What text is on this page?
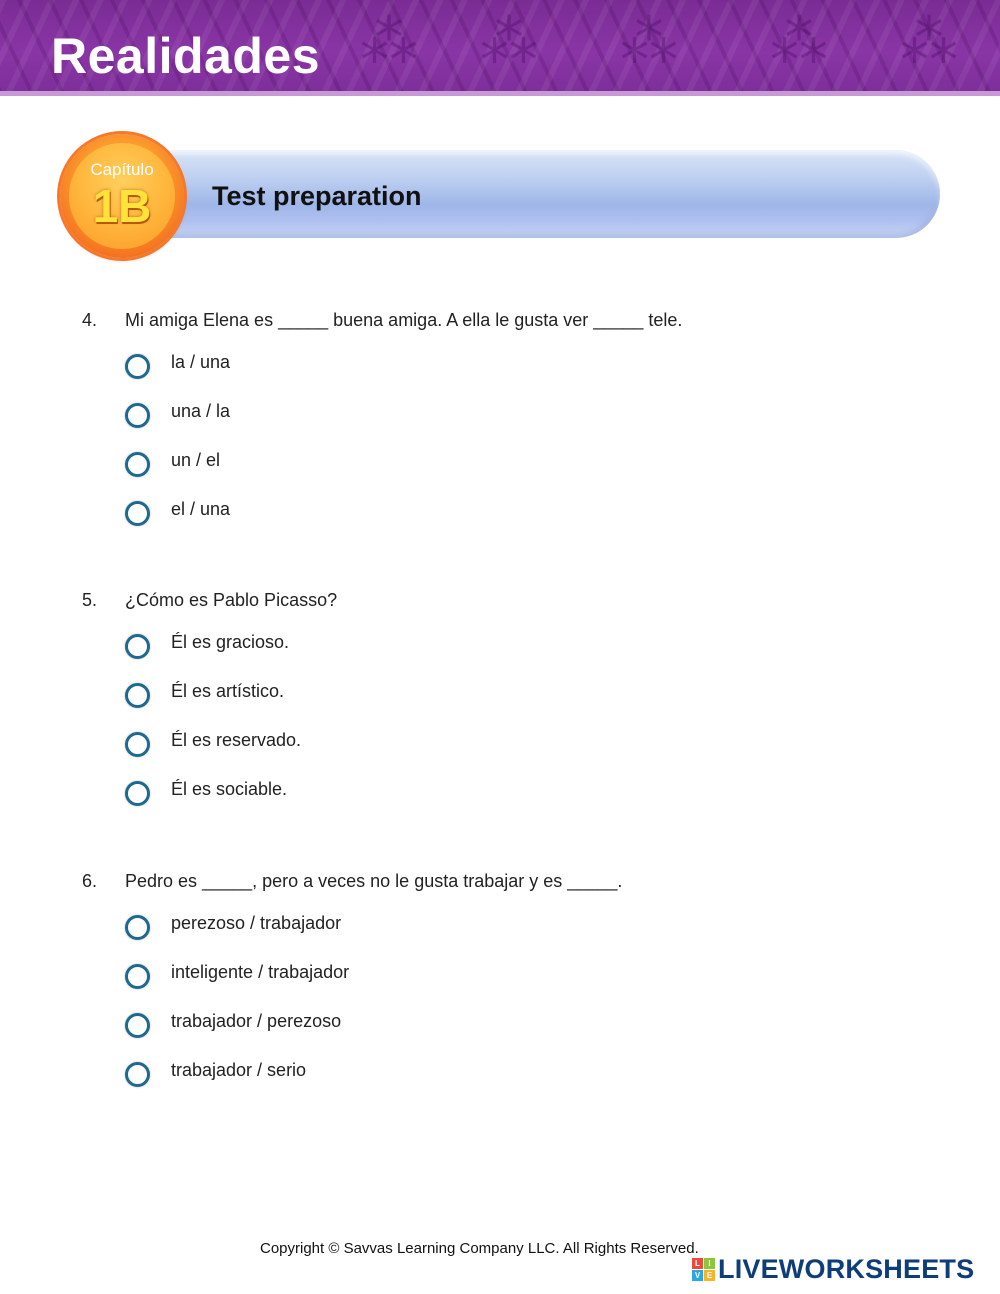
⁂ ⁂ ⁂ ⁂ ⁂
Realidades
Capítulo
1B	Test preparation
4. Mi amiga Elena es _____ buena amiga. A ella le gusta ver _____ tele.
la / una
una / la
un / el
el / una
5. ¿Cómo es Pablo Picasso?
Él es gracioso.
Él es artístico.
Él es reservado.
Él es sociable.
6. Pedro es _____, pero a veces no le gusta trabajar y es _____.
perezoso / trabajador
inteligente / trabajador
trabajador / perezoso
trabajador / serio
Copyright © Savvas Learning Company LLC. All Rights Reserved.
L	I
V E LIVEWORKSHEETS
